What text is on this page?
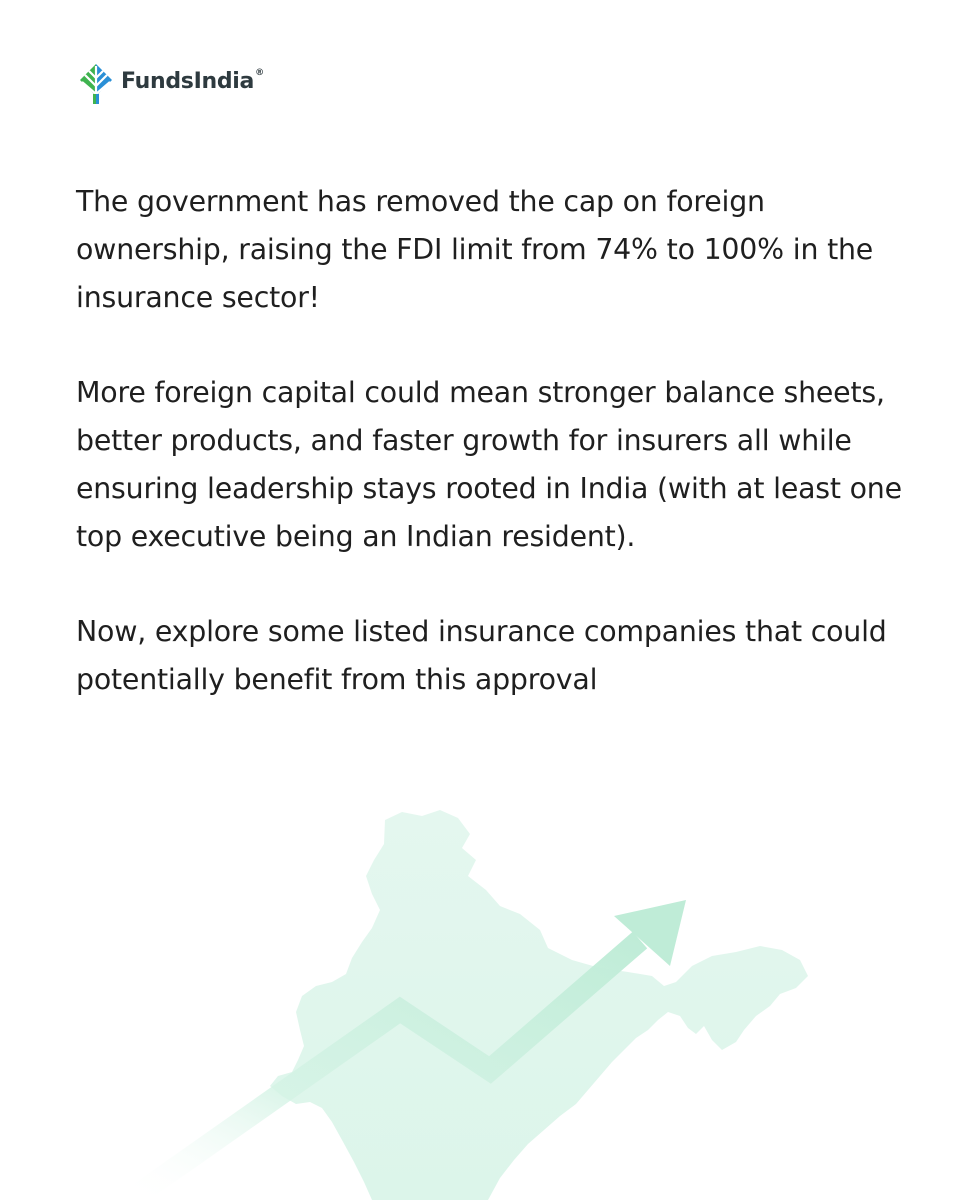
FundsIndia®

The government has removed the cap on foreign ownership, raising the FDI limit from 74% to 100% in the insurance sector!

More foreign capital could mean stronger balance sheets, better products, and faster growth for insurers all while ensuring leadership stays rooted in India (with at least one top executive being an Indian resident).

Now, explore some listed insurance companies that could potentially benefit from this approval
